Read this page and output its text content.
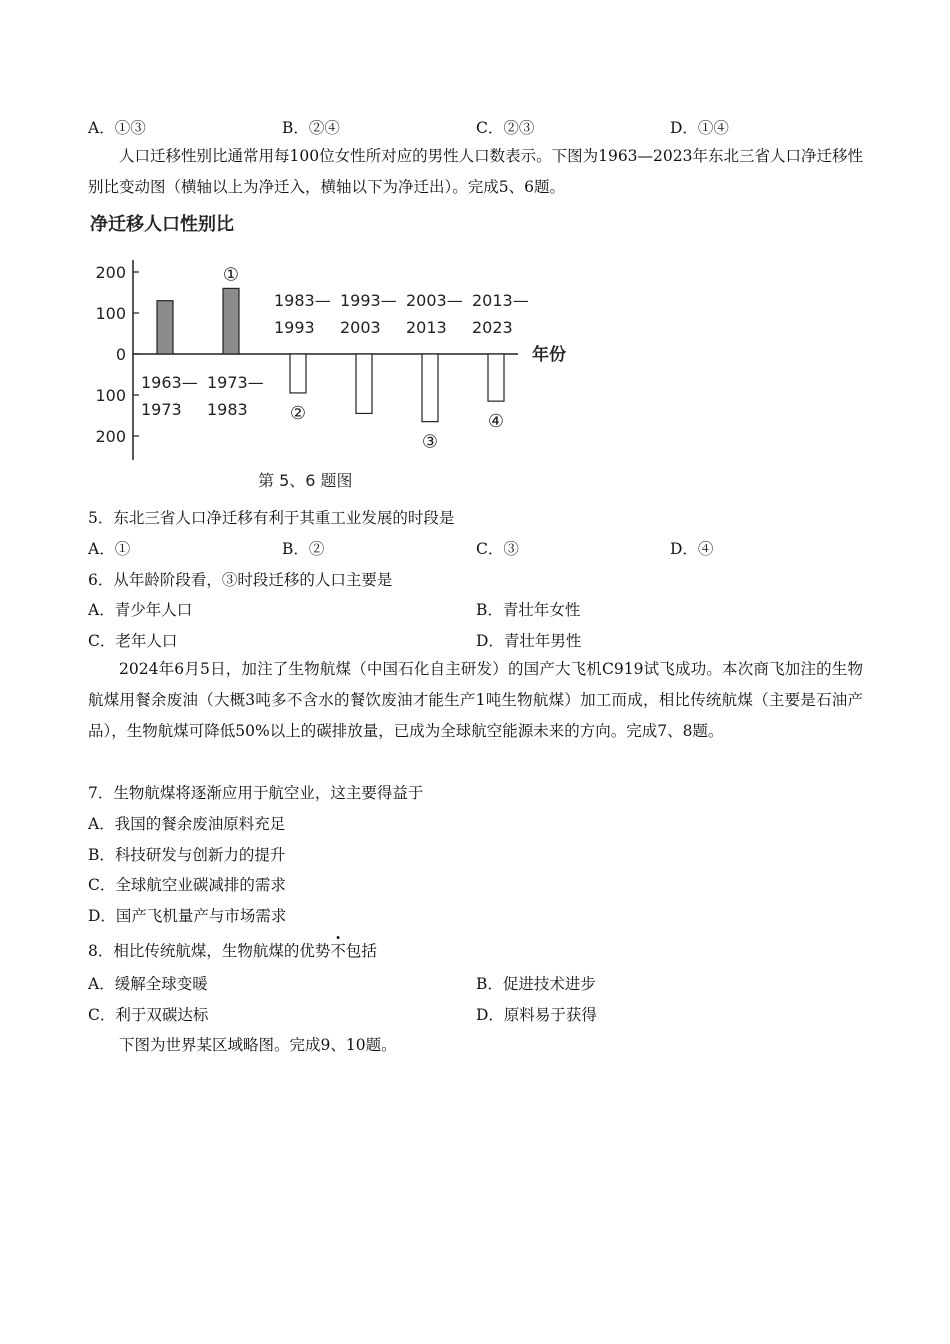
A．①③	B．②④	C．②③	D．①④
人口迁移性别比通常用每100位女性所对应的男性人口数表示。下图为1963—2023年东北三省人口净迁移性别比变动图（横轴以上为净迁入，横轴以下为净迁出）。完成5、6题。
净迁移人口性别比
年份
200
100
0
100
200
1963—
1973
1973—
1983
①
1983—
1993
②
1993—
2003
2003—
2013
③
2013—
2023
④
第 5、6 题图
5．东北三省人口净迁移有利于其重工业发展的时段是
A．①	B．②	C．③	D．④
6．从年龄阶段看，③时段迁移的人口主要是
A．青少年人口	B．青壮年女性
C．老年人口	D．青壮年男性
2024年6月5日，加注了生物航煤（中国石化自主研发）的国产大飞机C919试飞成功。本次商飞加注的生物航煤用餐余废油（大概3吨多不含水的餐饮废油才能生产1吨生物航煤）加工而成，相比传统航煤（主要是石油产品），生物航煤可降低50%以上的碳排放量，已成为全球航空能源未来的方向。完成7、8题。
7．生物航煤将逐渐应用于航空业，这主要得益于
A．我国的餐余废油原料充足
B．科技研发与创新力的提升
C．全球航空业碳减排的需求
D．国产飞机量产与市场需求
8．相比传统航煤，生物航煤的优势不包括
A．缓解全球变暖	B．促进技术进步
C．利于双碳达标	D．原料易于获得
下图为世界某区域略图。完成9、10题。
